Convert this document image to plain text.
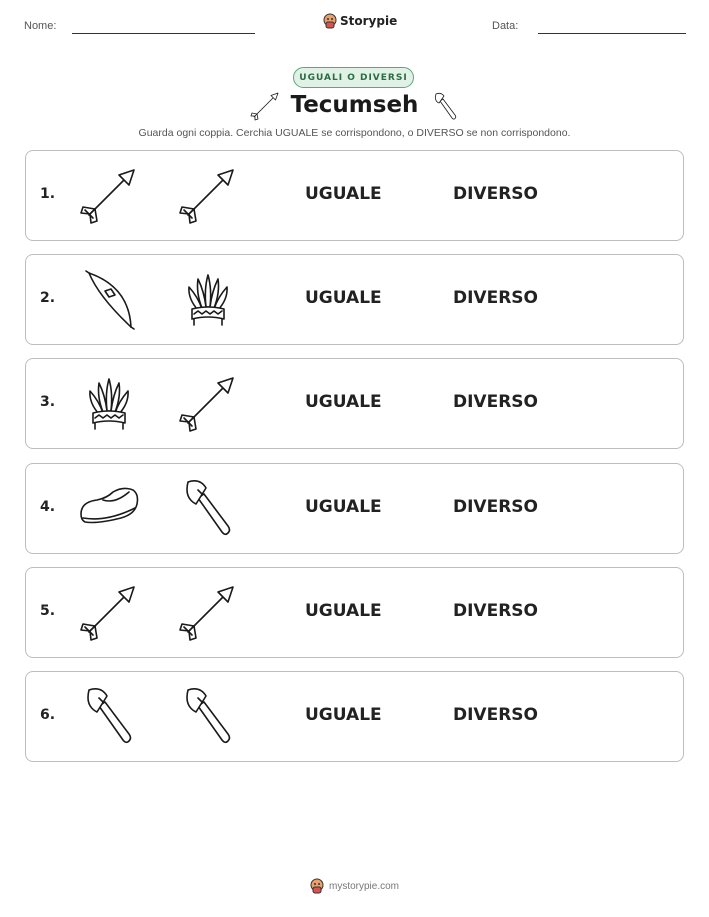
Nome:	Storypie	Data:
UGUALI O DIVERSI
Tecumseh
Guarda ogni coppia. Cerchia UGUALE se corrispondono, o DIVERSO se non corrispondono.
1.	UGUALE	DIVERSO
2.	UGUALE	DIVERSO
3.	UGUALE	DIVERSO
4.	UGUALE	DIVERSO
5.	UGUALE	DIVERSO
6.	UGUALE	DIVERSO
mystorypie.com
